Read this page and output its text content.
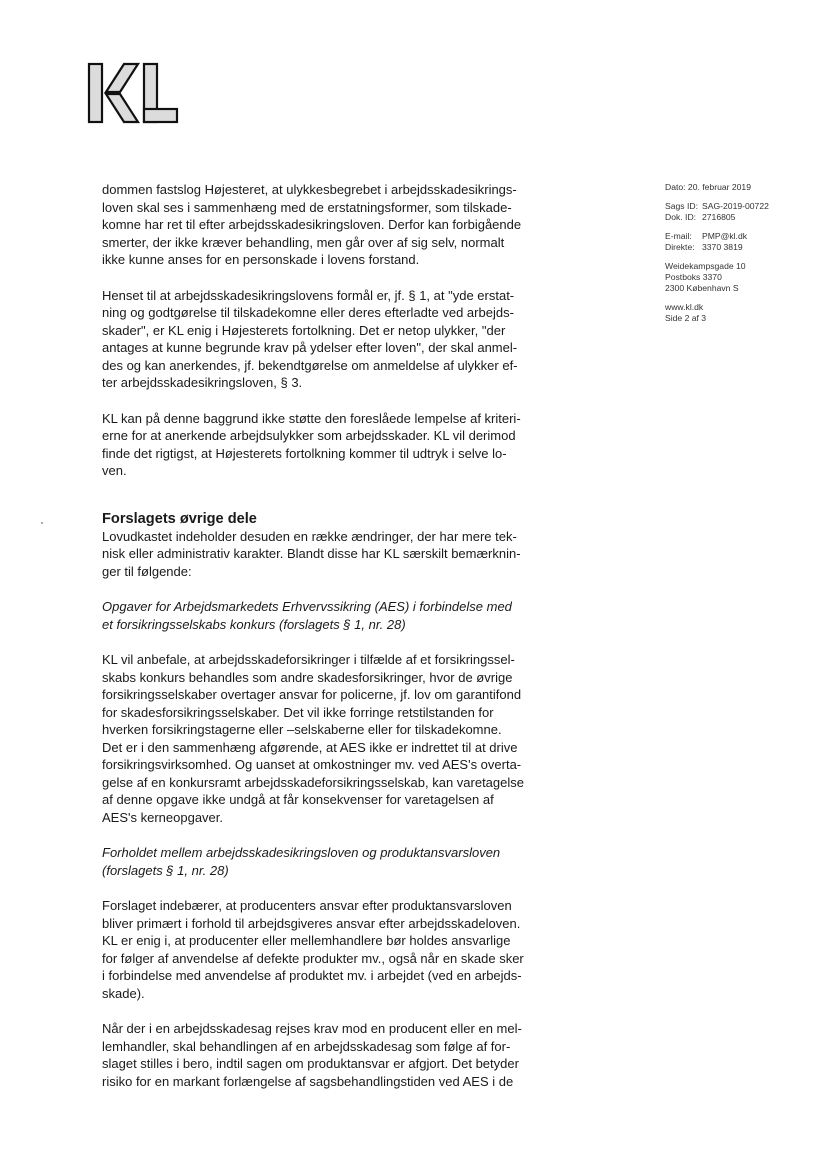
Dato: 20. februar 2019
Sags ID: SAG-2019-00722
Dok. ID: 2716805
E-mail:	PMP@kl.dk
Direkte: 3370 3819
Weidekampsgade 10
Postboks 3370
2300 København S
www.kl.dk
Side 2 af 3

dommen fastslog Højesteret, at ulykkesbegrebet i arbejdsskadesikrings-
loven skal ses i sammenhæng med de erstatningsformer, som tilskade-
komne har ret til efter arbejdsskadesikringsloven. Derfor kan forbigående
smerter, der ikke kræver behandling, men går over af sig selv, normalt
ikke kunne anses for en personskade i lovens forstand.

Henset til at arbejdsskadesikringslovens formål er, jf. § 1, at "yde erstat-
ning og godtgørelse til tilskadekomne eller deres efterladte ved arbejds-
skader", er KL enig i Højesterets fortolkning. Det er netop ulykker, "der
antages at kunne begrunde krav på ydelser efter loven", der skal anmel-
des og kan anerkendes, jf. bekendtgørelse om anmeldelse af ulykker ef-
ter arbejdsskadesikringsloven, § 3.

KL kan på denne baggrund ikke støtte den foreslåede lempelse af kriteri-
erne for at anerkende arbejdsulykker som arbejdsskader. KL vil derimod
finde det rigtigst, at Højesterets fortolkning kommer til udtryk i selve lo-
ven.

Forslagets øvrige dele

Lovudkastet indeholder desuden en række ændringer, der har mere tek-
nisk eller administrativ karakter. Blandt disse har KL særskilt bemærknin-
ger til følgende:

Opgaver for Arbejdsmarkedets Erhvervssikring (AES) i forbindelse med
et forsikringsselskabs konkurs (forslagets § 1, nr. 28)

KL vil anbefale, at arbejdsskadeforsikringer i tilfælde af et forsikringssel-
skabs konkurs behandles som andre skadesforsikringer, hvor de øvrige
forsikringsselskaber overtager ansvar for policerne, jf. lov om garantifond
for skadesforsikringsselskaber. Det vil ikke forringe retstilstanden for
hverken forsikringstagerne eller –selskaberne eller for tilskadekomne.
Det er i den sammenhæng afgørende, at AES ikke er indrettet til at drive
forsikringsvirksomhed. Og uanset at omkostninger mv. ved AES's overta-
gelse af en konkursramt arbejdsskadeforsikringsselskab, kan varetagelse
af denne opgave ikke undgå at får konsekvenser for varetagelsen af
AES's kerneopgaver.

Forholdet mellem arbejdsskadesikringsloven og produktansvarsloven
(forslagets § 1, nr. 28)

Forslaget indebærer, at producenters ansvar efter produktansvarsloven
bliver primært i forhold til arbejdsgiveres ansvar efter arbejdsskadeloven.
KL er enig i, at producenter eller mellemhandlere bør holdes ansvarlige
for følger af anvendelse af defekte produkter mv., også når en skade sker
i forbindelse med anvendelse af produktet mv. i arbejdet (ved en arbejds-
skade).

Når der i en arbejdsskadesag rejses krav mod en producent eller en mel-
lemhandler, skal behandlingen af en arbejdsskadesag som følge af for-
slaget stilles i bero, indtil sagen om produktansvar er afgjort. Det betyder
risiko for en markant forlængelse af sagsbehandlingstiden ved AES i de
